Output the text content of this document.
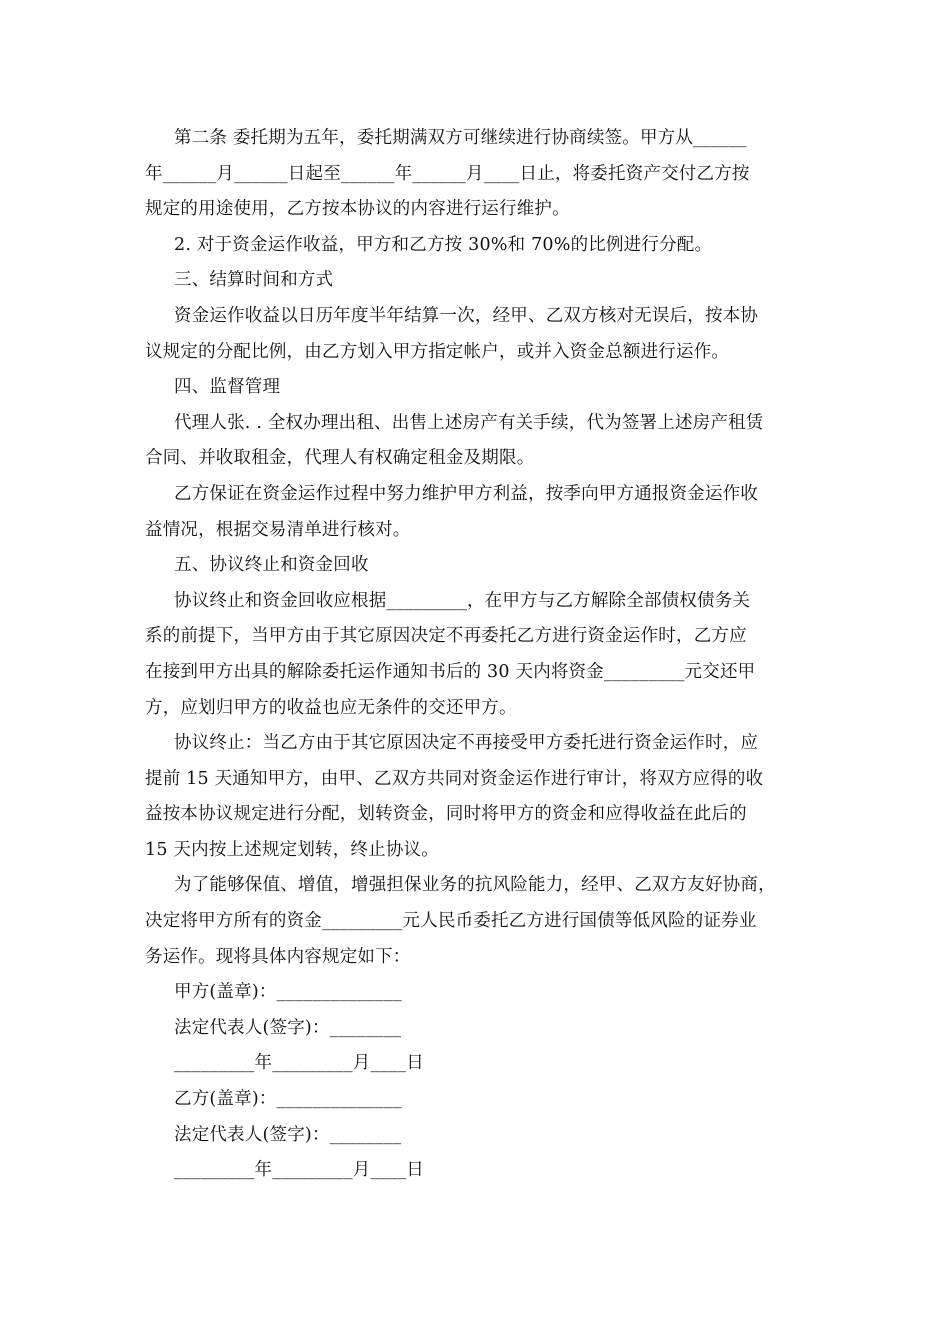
第二条 委托期为五年，委托期满双方可继续进行协商续签。甲方从______
年______月______日起至______年______月____日止，将委托资产交付乙方按
规定的用途使用，乙方按本协议的内容进行运行维护。
2. 对于资金运作收益，甲方和乙方按 30%和 70%的比例进行分配。
三、结算时间和方式
资金运作收益以日历年度半年结算一次，经甲、乙双方核对无误后，按本协
议规定的分配比例，由乙方划入甲方指定帐户，或并入资金总额进行运作。
四、监督管理
代理人张. . 全权办理出租、出售上述房产有关手续，代为签署上述房产租赁
合同、并收取租金，代理人有权确定租金及期限。
乙方保证在资金运作过程中努力维护甲方利益，按季向甲方通报资金运作收
益情况，根据交易清单进行核对。
五、协议终止和资金回收
协议终止和资金回收应根据_________，在甲方与乙方解除全部债权债务关
系的前提下，当甲方由于其它原因决定不再委托乙方进行资金运作时，乙方应
在接到甲方出具的解除委托运作通知书后的 30 天内将资金_________元交还甲
方，应划归甲方的收益也应无条件的交还甲方。
协议终止：当乙方由于其它原因决定不再接受甲方委托进行资金运作时，应
提前 15 天通知甲方，由甲、乙双方共同对资金运作进行审计，将双方应得的收
益按本协议规定进行分配，划转资金，同时将甲方的资金和应得收益在此后的
15 天内按上述规定划转，终止协议。
为了能够保值、增值，增强担保业务的抗风险能力，经甲、乙双方友好协商，
决定将甲方所有的资金_________元人民币委托乙方进行国债等低风险的证券业
务运作。现将具体内容规定如下：
甲方(盖章)：______________
法定代表人(签字)：________
_________年_________月____日
乙方(盖章)：______________
法定代表人(签字)：________
_________年_________月____日
